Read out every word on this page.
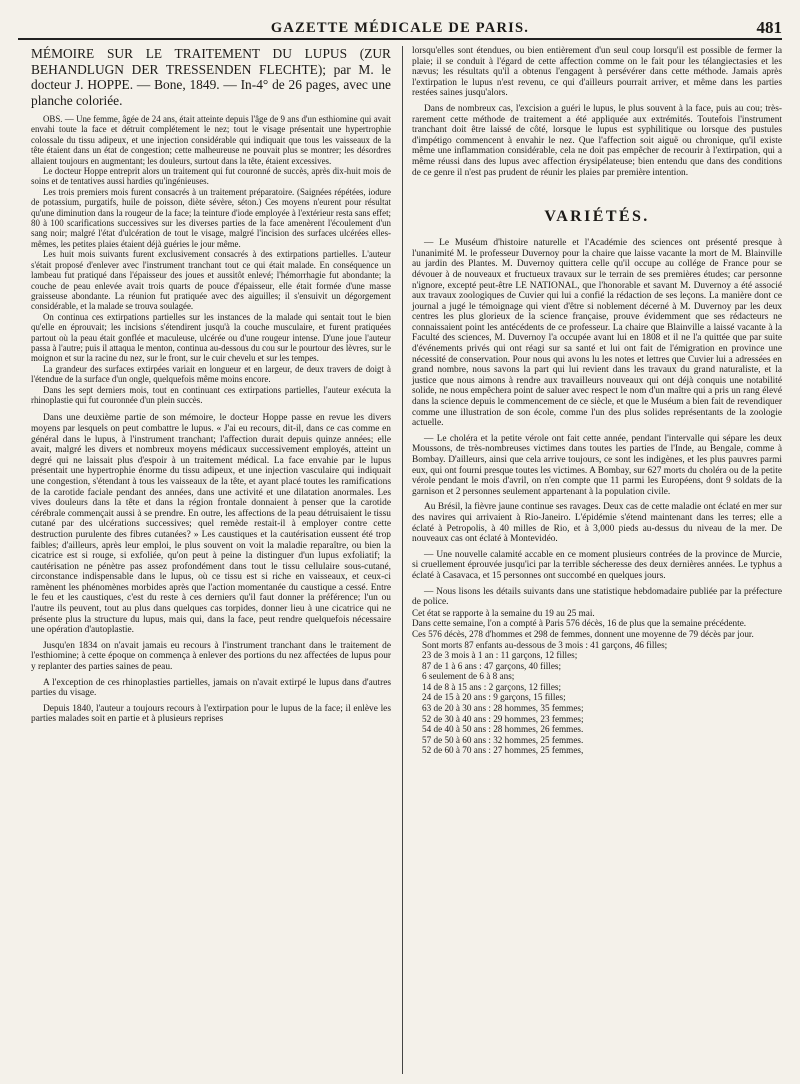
GAZETTE MÉDICALE DE PARIS.	481

MÉMOIRE SUR LE TRAITEMENT DU LUPUS (ZUR BEHANDLUGN DER TRESSENDEN FLECHTE); par M. le docteur J. HOPPE. — Bone, 1849. — In-4° de 26 pages, avec une planche coloriée.

OBS. — Une femme, âgée de 24 ans, était atteinte depuis l'âge de 9 ans d'un esthiomine qui avait envahi toute la face et détruit complétement le nez; tout le visage présentait une hypertrophie colossale du tissu adipeux, et une injection considérable qui indiquait que tous les vaisseaux de la tête étaient dans un état de congestion; cette malheureuse ne pouvait plus se montrer; les désordres allaient toujours en augmentant; les douleurs, surtout dans la tête, étaient excessives.

Le docteur Hoppe entreprit alors un traitement qui fut couronné de succès, après dix-huit mois de soins et de tentatives aussi hardies qu'ingénieuses.

Les trois premiers mois furent consacrés à un traitement préparatoire. (Saignées répétées, iodure de potassium, purgatifs, huile de poisson, diète sévère, séton.) Ces moyens n'eurent pour résultat qu'une diminution dans la rougeur de la face; la teinture d'iode employée à l'extérieur resta sans effet; 80 à 100 scarifications successives sur les diverses parties de la face amenèrent l'écoulement d'un sang noir; malgré l'état d'ulcération de tout le visage, malgré l'incision des surfaces ulcérées elles-mêmes, les petites plaies étaient déjà guéries le jour même.

Les huit mois suivants furent exclusivement consacrés à des extirpations partielles. L'auteur s'était proposé d'enlever avec l'instrument tranchant tout ce qui était malade. En conséquence un lambeau fut pratiqué dans l'épaisseur des joues et aussitôt enlevé; l'hémorrhagie fut abondante; la couche de peau enlevée avait trois quarts de pouce d'épaisseur, elle était formée d'une masse graisseuse abondante. La réunion fut pratiquée avec des aiguilles; il s'ensuivit un dégorgement considérable, et la malade se trouva soulagée.

On continua ces extirpations partielles sur les instances de la malade qui sentait tout le bien qu'elle en éprouvait; les incisions s'étendirent jusqu'à la couche musculaire, et furent pratiquées partout où la peau était gonflée et maculeuse, ulcérée ou d'une rougeur intense. D'une joue l'auteur passa à l'autre; puis il attaqua le menton, continua au-dessous du cou sur le pourtour des lèvres, sur le moignon et sur la racine du nez, sur le front, sur le cuir chevelu et sur les tempes.

La grandeur des surfaces extirpées variait en longueur et en largeur, de deux travers de doigt à l'étendue de la surface d'un ongle, quelquefois même moins encore.

Dans les sept derniers mois, tout en continuant ces extirpations partielles, l'auteur exécuta la rhinoplastie qui fut couronnée d'un plein succès.

Dans une deuxième partie de son mémoire, le docteur Hoppe passe en revue les divers moyens par lesquels on peut combattre le lupus. « J'ai eu recours, dit-il, dans ce cas comme en général dans le lupus, à l'instrument tranchant; l'affection durait depuis quinze années; elle avait, malgré les divers et nombreux moyens médicaux successivement employés, atteint un degré qui ne laissait plus d'espoir à un traitement médical. La face envahie par le lupus présentait une hypertrophie énorme du tissu adipeux, et une injection vasculaire qui indiquait une congestion, s'étendant à tous les vaisseaux de la tête, et ayant placé toutes les ramifications de la carotide faciale pendant des années, dans une activité et une dilatation anormales. Les vives douleurs dans la tête et dans la région frontale donnaient à penser que la carotide cérébrale commençait aussi à se prendre. En outre, les affections de la peau détruisaient le tissu cutané par des ulcérations successives; quel remède restait-il à employer contre cette destruction purulente des fibres cutanées? » Les caustiques et la cautérisation eussent été trop faibles; d'ailleurs, après leur emploi, le plus souvent on voit la maladie reparaître, ou bien la cicatrice est si rouge, si exfoliée, qu'on peut à peine la distinguer d'un lupus exfoliatif; la cautérisation ne pénètre pas assez profondément dans tout le tissu cellulaire sous-cutané, circonstance indispensable dans le lupus, où ce tissu est si riche en vaisseaux, et ceux-ci ramènent les phénomènes morbides après que l'action momentanée du caustique a cessé. Entre le feu et les caustiques, c'est du reste à ces derniers qu'il faut donner la préférence; l'un ou l'autre ils peuvent, tout au plus dans quelques cas torpides, donner lieu à une cicatrice qui ne présente plus la structure du lupus, mais qui, dans la face, peut rendre quelquefois nécessaire une opération d'autoplastie.

Jusqu'en 1834 on n'avait jamais eu recours à l'instrument tranchant dans le traitement de l'esthiomine; à cette époque on commença à enlever des portions du nez affectées de lupus pour y replanter des parties saines de peau.

A l'exception de ces rhinoplasties partielles, jamais on n'avait extirpé le lupus dans d'autres parties du visage.

Depuis 1840, l'auteur a toujours recours à l'extirpation pour le lupus de la face; il enlève les parties malades soit en partie et à plusieurs reprises

lorsqu'elles sont étendues, ou bien entièrement d'un seul coup lorsqu'il est possible de fermer la plaie; il se conduit à l'égard de cette affection comme on le fait pour les télangiectasies et les nævus; les résultats qu'il a obtenus l'engagent à persévérer dans cette méthode. Jamais après l'extirpation le lupus n'est revenu, ce qui d'ailleurs pourrait arriver, et même dans les parties restées saines jusqu'alors.

Dans de nombreux cas, l'excision a guéri le lupus, le plus souvent à la face, puis au cou; très-rarement cette méthode de traitement a été appliquée aux extrémités. Toutefois l'instrument tranchant doit être laissé de côté, lorsque le lupus est syphilitique ou lorsque des pustules d'impétigo commencent à envahir le nez. Que l'affection soit aiguë ou chronique, qu'il existe même une inflammation considérable, cela ne doit pas empêcher de recourir à l'extirpation, qui a même réussi dans des lupus avec affection érysipélateuse; bien entendu que dans des conditions de ce genre il n'est pas prudent de réunir les plaies par première intention.

VARIÉTÉS.

— Le Muséum d'histoire naturelle et l'Académie des sciences ont présenté presque à l'unanimité M. le professeur Duvernoy pour la chaire que laisse vacante la mort de M. Blainville au jardin des Plantes. M. Duvernoy quittera celle qu'il occupe au collége de France pour se dévouer à de nouveaux et fructueux travaux sur le terrain de ses premières études; car personne n'ignore, excepté peut-être LE NATIONAL, que l'honorable et savant M. Duvernoy a été associé aux travaux zoologiques de Cuvier qui lui a confié la rédaction de ses leçons. La manière dont ce journal a jugé le témoignage qui vient d'être si noblement décerné à M. Duvernoy par les deux centres les plus glorieux de la science française, prouve évidemment que ses rédacteurs ne connaissaient point les antécédents de ce professeur. La chaire que Blainville a laissé vacante à la Faculté des sciences, M. Duvernoy l'a occupée avant lui en 1808 et il ne l'a quittée que par suite d'événements privés qui ont réagi sur sa santé et lui ont fait de l'émigration en province une nécessité de conservation. Pour nous qui avons lu les notes et lettres que Cuvier lui a adressées en grand nombre, nous savons la part qui lui revient dans les travaux du grand naturaliste, et la justice que nous aimons à rendre aux travailleurs nouveaux qui ont déjà conquis une notabilité solide, ne nous empêchera point de saluer avec respect le nom d'un maître qui a pris un rang élevé dans la science depuis le commencement de ce siècle, et que le Muséum a bien fait de revendiquer comme une illustration de son école, comme l'un des plus solides représentants de la zoologie actuelle.

— Le choléra et la petite vérole ont fait cette année, pendant l'intervalle qui sépare les deux Moussons, de très-nombreuses victimes dans toutes les parties de l'Inde, au Bengale, comme à Bombay. D'ailleurs, ainsi que cela arrive toujours, ce sont les indigènes, et les plus pauvres parmi eux, qui ont fourni presque toutes les victimes. A Bombay, sur 627 morts du choléra ou de la petite vérole pendant le mois d'avril, on n'en compte que 11 parmi les Européens, dont 9 soldats de la garnison et 2 personnes seulement appartenant à la population civile.

Au Brésil, la fièvre jaune continue ses ravages. Deux cas de cette maladie ont éclaté en mer sur des navires qui arrivaient à Rio-Janeiro. L'épidémie s'étend maintenant dans les terres; elle a éclaté à Petropolis, à 40 milles de Rio, et à 3,000 pieds au-dessus du niveau de la mer. De nouveaux cas ont éclaté à Montevidéo.

— Une nouvelle calamité accable en ce moment plusieurs contrées de la province de Murcie, si cruellement éprouvée jusqu'ici par la terrible sécheresse des deux dernières années. Le typhus a éclaté à Casavaca, et 15 personnes ont succombé en quelques jours.

— Nous lisons les détails suivants dans une statistique hebdomadaire publiée par la préfecture de police.

Cet état se rapporte à la semaine du 19 au 25 mai.

Dans cette semaine, l'on a compté à Paris 576 décès, 16 de plus que la semaine précédente.

Ces 576 décès, 278 d'hommes et 298 de femmes, donnent une moyenne de 79 décès par jour.

Sont morts 87 enfants au-dessous de 3 mois : 41 garçons, 46 filles;

23 de 3 mois à 1 an : 11 garçons, 12 filles;

87 de 1 à 6 ans : 47 garçons, 40 filles;

6 seulement de 6 à 8 ans;

14 de 8 à 15 ans : 2 garçons, 12 filles;

24 de 15 à 20 ans : 9 garçons, 15 filles;

63 de 20 à 30 ans : 28 hommes, 35 femmes;

52 de 30 à 40 ans : 29 hommes, 23 femmes;

54 de 40 à 50 ans : 28 hommes, 26 femmes.

57 de 50 à 60 ans : 32 hommes, 25 femmes.

52 de 60 à 70 ans : 27 hommes, 25 femmes,
